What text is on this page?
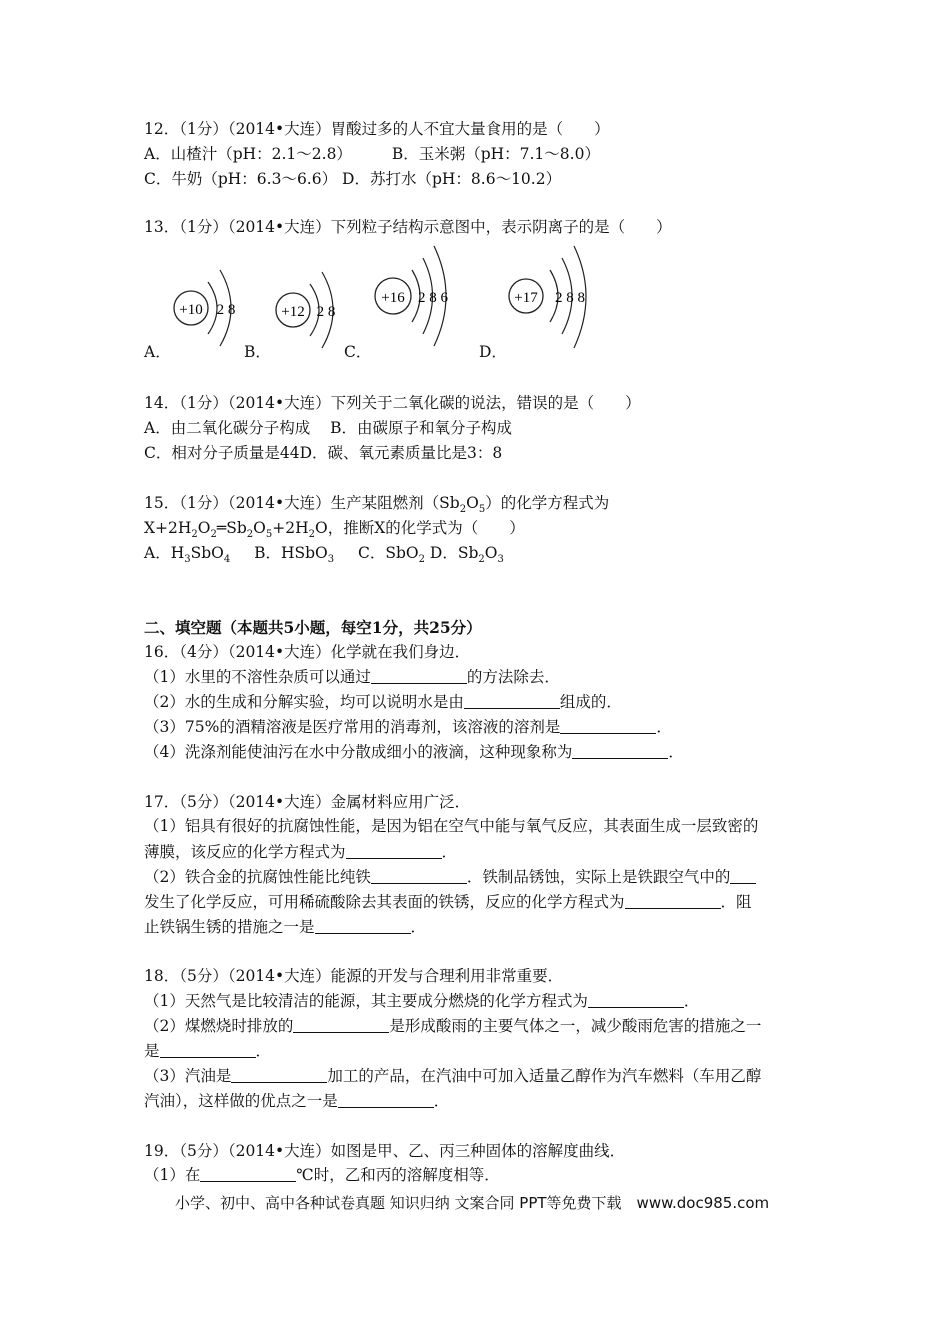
12．（1分）（2014•大连）胃酸过多的人不宜大量食用的是（　　）
A．山楂汁（pH：2.1～2.8）	B．玉米粥（pH：7.1～8.0）
C．牛奶（pH：6.3～6.6） D．苏打水（pH：8.6～10.2）
13．（1分）（2014•大连）下列粒子结构示意图中，表示阴离子的是（　　）
+10 2 8	+12 2 8
+16 2 8 6	+17 2 8 8
A．	B．	C．	D．
14．（1分）（2014•大连）下列关于二氧化碳的说法，错误的是（　　）
A．由二氧化碳分子构成 B．由碳原子和氧分子构成
C．相对分子质量是44D．碳、氧元素质量比是3：8
15．（1分）（2014•大连）生产某阻燃剂$(Sb_2O_5)$的化学方程式为
$X+2H_2O_2═Sb_2O_5+2H_2O$，推断X的化学式为（　　）
A．$H_3SbO_4$ B．HSbO$_3$ C．SbO$_2$ D．$Sb_2O_3$
二、填空题（本题共5小题，每空1分，共25分）
16．（4分）（2014•大连）化学就在我们身边．
（1）水里的不溶性杂质可以通过	的方法除去．
（2）水的生成和分解实验，均可以说明水是由	组成的．
（3）75%的酒精溶液是医疗常用的消毒剂，该溶液的溶剂是	．
（4）洗涤剂能使油污在水中分散成细小的液滴，这种现象称为	．
17．（5分）（2014•大连）金属材料应用广泛．
（1）铝具有很好的抗腐蚀性能，是因为铝在空气中能与氧气反应，其表面生成一层致密的
薄膜，该反应的化学方程式为	．
（2）铁合金的抗腐蚀性能比纯铁	．铁制品锈蚀，实际上是铁跟空气中的
发生了化学反应，可用稀硫酸除去其表面的铁锈，反应的化学方程式为	．阻
止铁锅生锈的措施之一是	．
18．（5分）（2014•大连）能源的开发与合理利用非常重要．
（1）天然气是比较清洁的能源，其主要成分燃烧的化学方程式为	．
（2）煤燃烧时排放的	是形成酸雨的主要气体之一，减少酸雨危害的措施之一
是	．
（3）汽油是	加工的产品，在汽油中可加入适量乙醇作为汽车燃料（车用乙醇
汽油），这样做的优点之一是	．
19．（5分）（2014•大连）如图是甲、乙、丙三种固体的溶解度曲线．
（1）在	℃时，乙和丙的溶解度相等．
小学、初中、高中各种试卷真题 知识归纳 文案合同 PPT等免费下载　www.doc985.com
